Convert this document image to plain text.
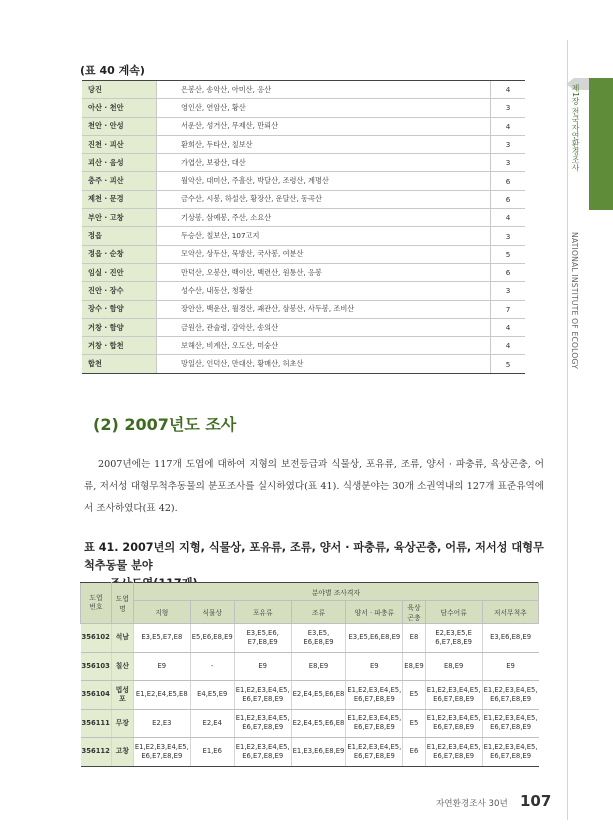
(표 40 계속)
당진	은봉산, 송악산, 아미산, 응산	4
아산 · 천안	영인산, 연암산, 황산	3
천안 · 안성	서운산, 성거산, 무제산, 만뢰산	4
진천 · 괴산	환희산, 두타산, 칠보산	3
괴산 · 음성	가엽산, 보광산, 대산	3
충주 · 괴산	월악산, 대미산, 주흘산, 박달산, 조령산, 계명산	6
제천 · 문경	금수산, 시봉, 하설산, 황장산, 운달산, 동곡산	6
부안 · 고창	기상봉, 삼예봉, 주산, 소요산	4
정읍	두승산, 칠보산, 107고지	3
정읍 · 순창	모악산, 상두산, 묵방산, 국사봉, 여분산	5
임실 · 진안	만덕산, 오봉산, 백이산, 백련산, 원통산, 응봉	6
진안 · 장수	성수산, 내동산, 청황산	3
장수 · 함양	장안산, 백운산, 월경산, 괘관산, 삼봉산, 사두봉, 조비산	7
거창 · 함양	금원산, 관술령, 감악산, 송의산	4
거창 · 합천	보해산, 비계산, 오도산, 미숭산	4
합천	망일산, 인덕산, 만대산, 황매산, 허초산	5
제1장 전국자연환경조사
NATIONAL INSTITUTE OF ECOLOGY
(2) 2007년도 조사
2007년에는 117개 도엽에 대하여 지형의 보전등급과 식물상, 포유류, 조류, 양서 · 파충류, 육상곤충, 어류, 저서성 대형무척추동물의 분포조사를 실시하였다(표 41). 식생분야는 30개 소권역내의 127개 표준유역에서 조사하였다(표 42).
표 41. 2007년의 지형, 식물상, 포유류, 조류, 양서 · 파충류, 육상곤충, 어류, 저서성 대형무척추동물 분야
도엽
번호	도엽명	분야별 조사격자							
		지형	식물상	포유류	조류	양서 · 파충류	육상곤충	담수어류	저서무척추
356102	석남	E3,E5,E7,E8	E5,E6,E8,E9	E3,E5,E6,
E7,E8,E9	E3,E5,
E6,E8,E9	E3,E5,E6,E8,E9	E8	E2,E3,E5,E
6,E7,E8,E9	E3,E6,E8,E9
356103	칠산	E9	-	E9	E8,E9	E9	E8,E9	E8,E9	E9
356104	법성포	E1,E2,E4,E5,E8	E4,E5,E9	E1,E2,E3,E4,E5,
E6,E7,E8,E9	E2,E4,E5,E6,E8	E1,E2,E3,E4,E5,
E6,E7,E8,E9	E5	E1,E2,E3,E4,E5,
E6,E7,E8,E9	E1,E2,E3,E4,E5,
E6,E7,E8,E9
356111	무장	E2,E3	E2,E4	E1,E2,E3,E4,E5,
E6,E7,E8,E9	E2,E4,E5,E6,E8	E1,E2,E3,E4,E5,
E6,E7,E8,E9	E5	E1,E2,E3,E4,E5,
E6,E7,E8,E9	E1,E2,E3,E4,E5,
E6,E7,E8,E9
356112	고창	E1,E2,E3,E4,E5,
E6,E7,E8,E9	E1,E6	E1,E2,E3,E4,E5,
E6,E7,E8,E9	E1,E3,E6,E8,E9	E1,E2,E3,E4,E5,
E6,E7,E8,E9	E6	E1,E2,E3,E4,E5,
E6,E7,E8,E9	E1,E2,E3,E4,E5,
E6,E7,E8,E9
자연환경조사 30년 107
